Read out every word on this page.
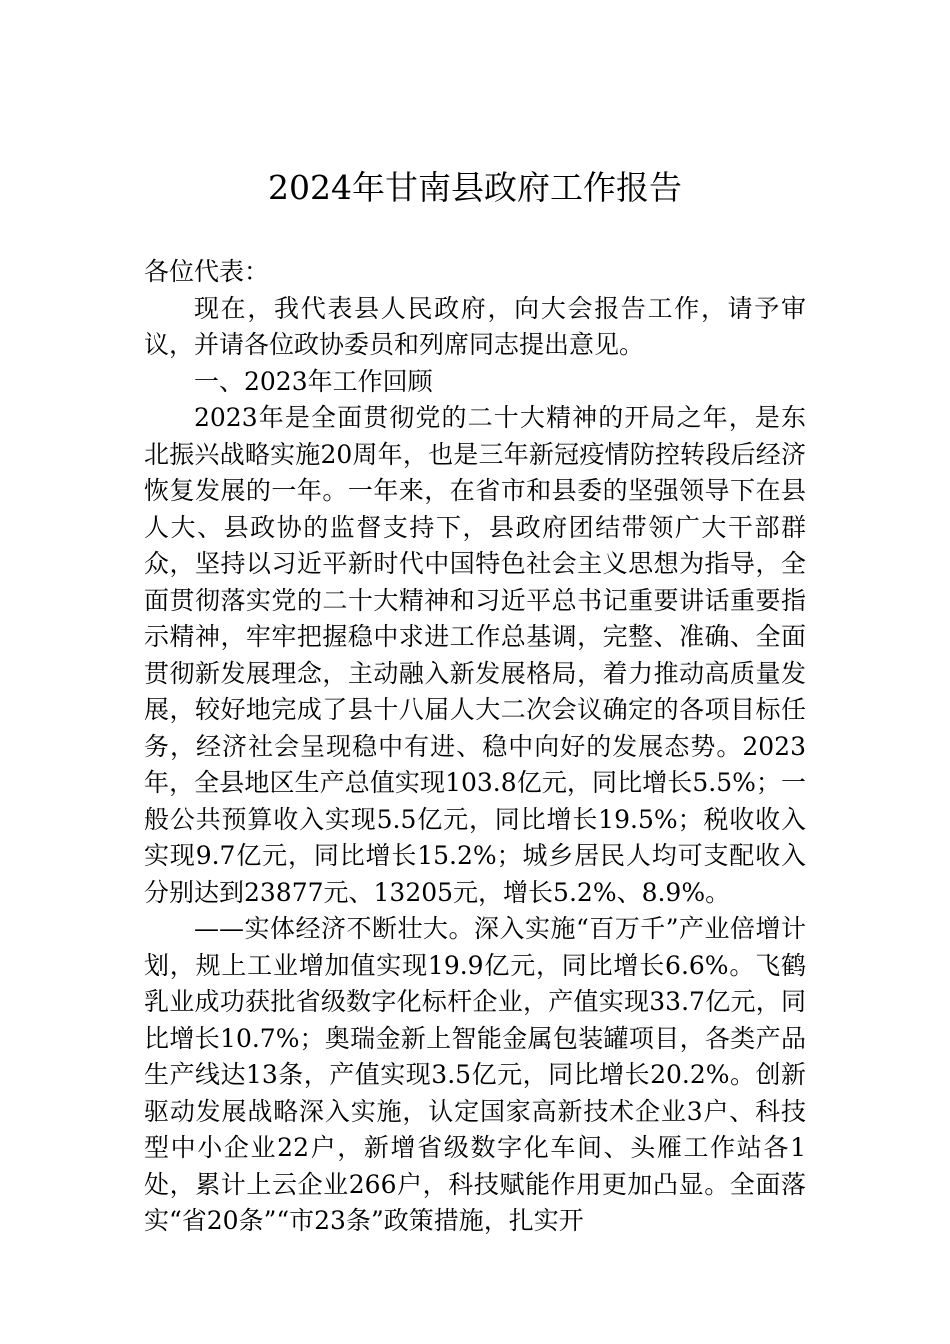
2024年甘南县政府工作报告

各位代表：

现在，我代表县人民政府，向大会报告工作，请予审议，并请各位政协委员和列席同志提出意见。

一、2023年工作回顾

2023年是全面贯彻党的二十大精神的开局之年，是东北振兴战略实施20周年，也是三年新冠疫情防控转段后经济恢复发展的一年。一年来，在省市和县委的坚强领导下在县人大、县政协的监督支持下，县政府团结带领广大干部群众，坚持以习近平新时代中国特色社会主义思想为指导，全面贯彻落实党的二十大精神和习近平总书记重要讲话重要指示精神，牢牢把握稳中求进工作总基调，完整、准确、全面贯彻新发展理念，主动融入新发展格局，着力推动高质量发展，较好地完成了县十八届人大二次会议确定的各项目标任务，经济社会呈现稳中有进、稳中向好的发展态势。2023年，全县地区生产总值实现103.8亿元，同比增长5.5%；一般公共预算收入实现5.5亿元，同比增长19.5%；税收收入实现9.7亿元，同比增长15.2%；城乡居民人均可支配收入分别达到23877元、13205元，增长5.2%、8.9%。

——实体经济不断壮大。深入实施“百万千”产业倍增计划，规上工业增加值实现19.9亿元，同比增长6.6%。飞鹤乳业成功获批省级数字化标杆企业，产值实现33.7亿元，同比增长10.7%；奥瑞金新上智能金属包装罐项目，各类产品生产线达13条，产值实现3.5亿元，同比增长20.2%。创新驱动发展战略深入实施，认定国家高新技术企业3户、科技型中小企业22户，新增省级数字化车间、头雁工作站各1处，累计上云企业266户，科技赋能作用更加凸显。全面落实“省20条”“市23条”政策措施，扎实开
